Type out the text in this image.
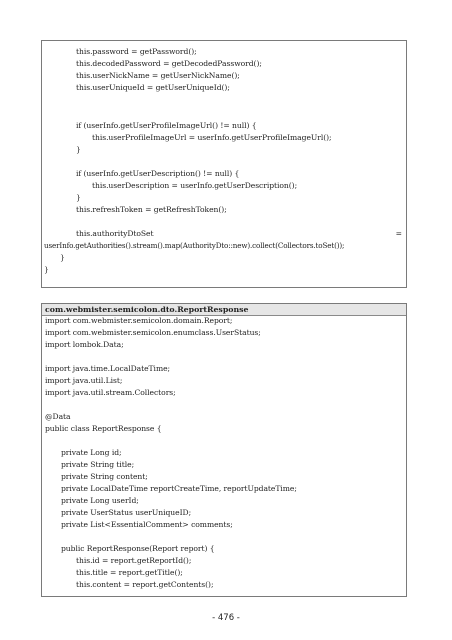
this.password = getPassword();
this.decodedPassword = getDecodedPassword();
this.userNickName = getUserNickName();
this.userUniqueId = getUserUniqueId();
if (userInfo.getUserProfileImageUrl() != null) {
this.userProfileImageUrl = userInfo.getUserProfileImageUrl();
}
if (userInfo.getUserDescription() != null) {
this.userDescription = userInfo.getUserDescription();
}
this.refreshToken = getRefreshToken();
this.authorityDtoSet	=
userInfo.getAuthorities().stream().map(AuthorityDto::new).collect(Collectors.toSet());
}
}
com.webmister.semicolon.dto.ReportResponse
import com.webmister.semicolon.domain.Report;
import com.webmister.semicolon.enumclass.UserStatus;
import lombok.Data;
import java.time.LocalDateTime;
import java.util.List;
import java.util.stream.Collectors;
@Data
public class ReportResponse {
private Long id;
private String title;
private String content;
private LocalDateTime reportCreateTime, reportUpdateTime;
private Long userId;
private UserStatus userUniqueID;
private List<EssentialComment> comments;
public ReportResponse(Report report) {
this.id = report.getReportId();
this.title = report.getTitle();
this.content = report.getContents();
- 476 -
